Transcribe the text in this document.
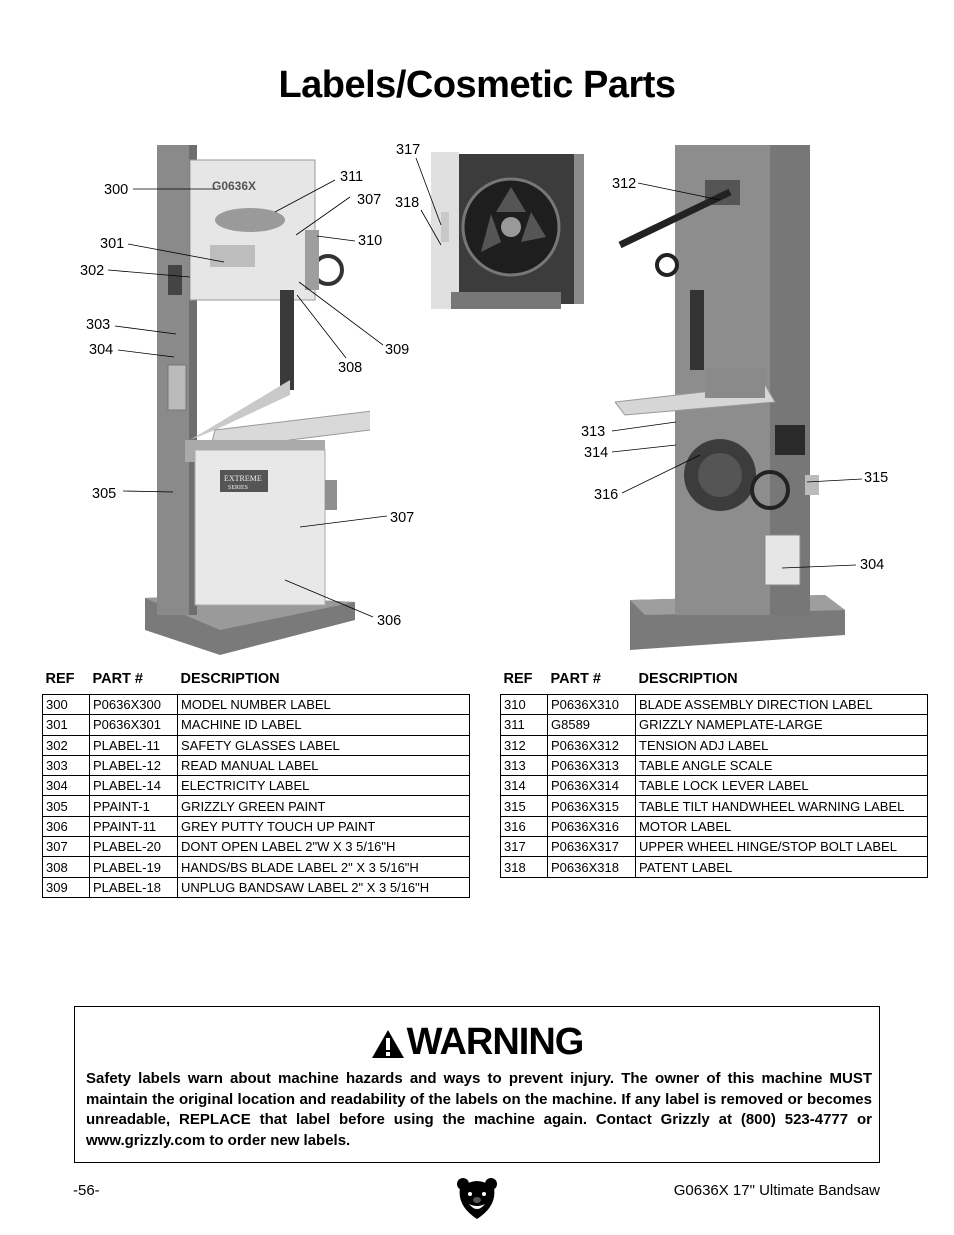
Labels/Cosmetic Parts
G0636X
EXTREME
SERIES
300
301
302
303
304
305
306
307
307
308
309
310
311
317
318
312
313
314
316
315
304
REF	PART #	DESCRIPTION
300	P0636X300	MODEL NUMBER LABEL
301	P0636X301	MACHINE ID LABEL
302	PLABEL-11	SAFETY GLASSES LABEL
303	PLABEL-12	READ MANUAL LABEL
304	PLABEL-14	ELECTRICITY LABEL
305	PPAINT-1	GRIZZLY GREEN PAINT
306	PPAINT-11	GREY PUTTY TOUCH UP PAINT
307	PLABEL-20	DONT OPEN LABEL 2"W X 3 5/16"H
308	PLABEL-19	HANDS/BS BLADE LABEL 2" X 3 5/16"H
309	PLABEL-18	UNPLUG BANDSAW LABEL 2" X 3 5/16"H
REF	PART #	DESCRIPTION
310	P0636X310	BLADE ASSEMBLY DIRECTION LABEL
311	G8589	GRIZZLY NAMEPLATE-LARGE
312	P0636X312	TENSION ADJ LABEL
313	P0636X313	TABLE ANGLE SCALE
314	P0636X314	TABLE LOCK LEVER LABEL
315	P0636X315	TABLE TILT HANDWHEEL WARNING LABEL
316	P0636X316	MOTOR LABEL
317	P0636X317	UPPER WHEEL HINGE/STOP BOLT LABEL
318	P0636X318	PATENT LABEL
WARNING
Safety labels warn about machine hazards and ways to prevent injury. The owner of this machine MUST maintain the original location and readability of the labels on the machine. If any label is removed or becomes unreadable, REPLACE that label before using the machine again. Contact Grizzly at (800) 523-4777 or www.grizzly.com to order new labels.
-56-	G0636X 17" Ultimate Bandsaw
